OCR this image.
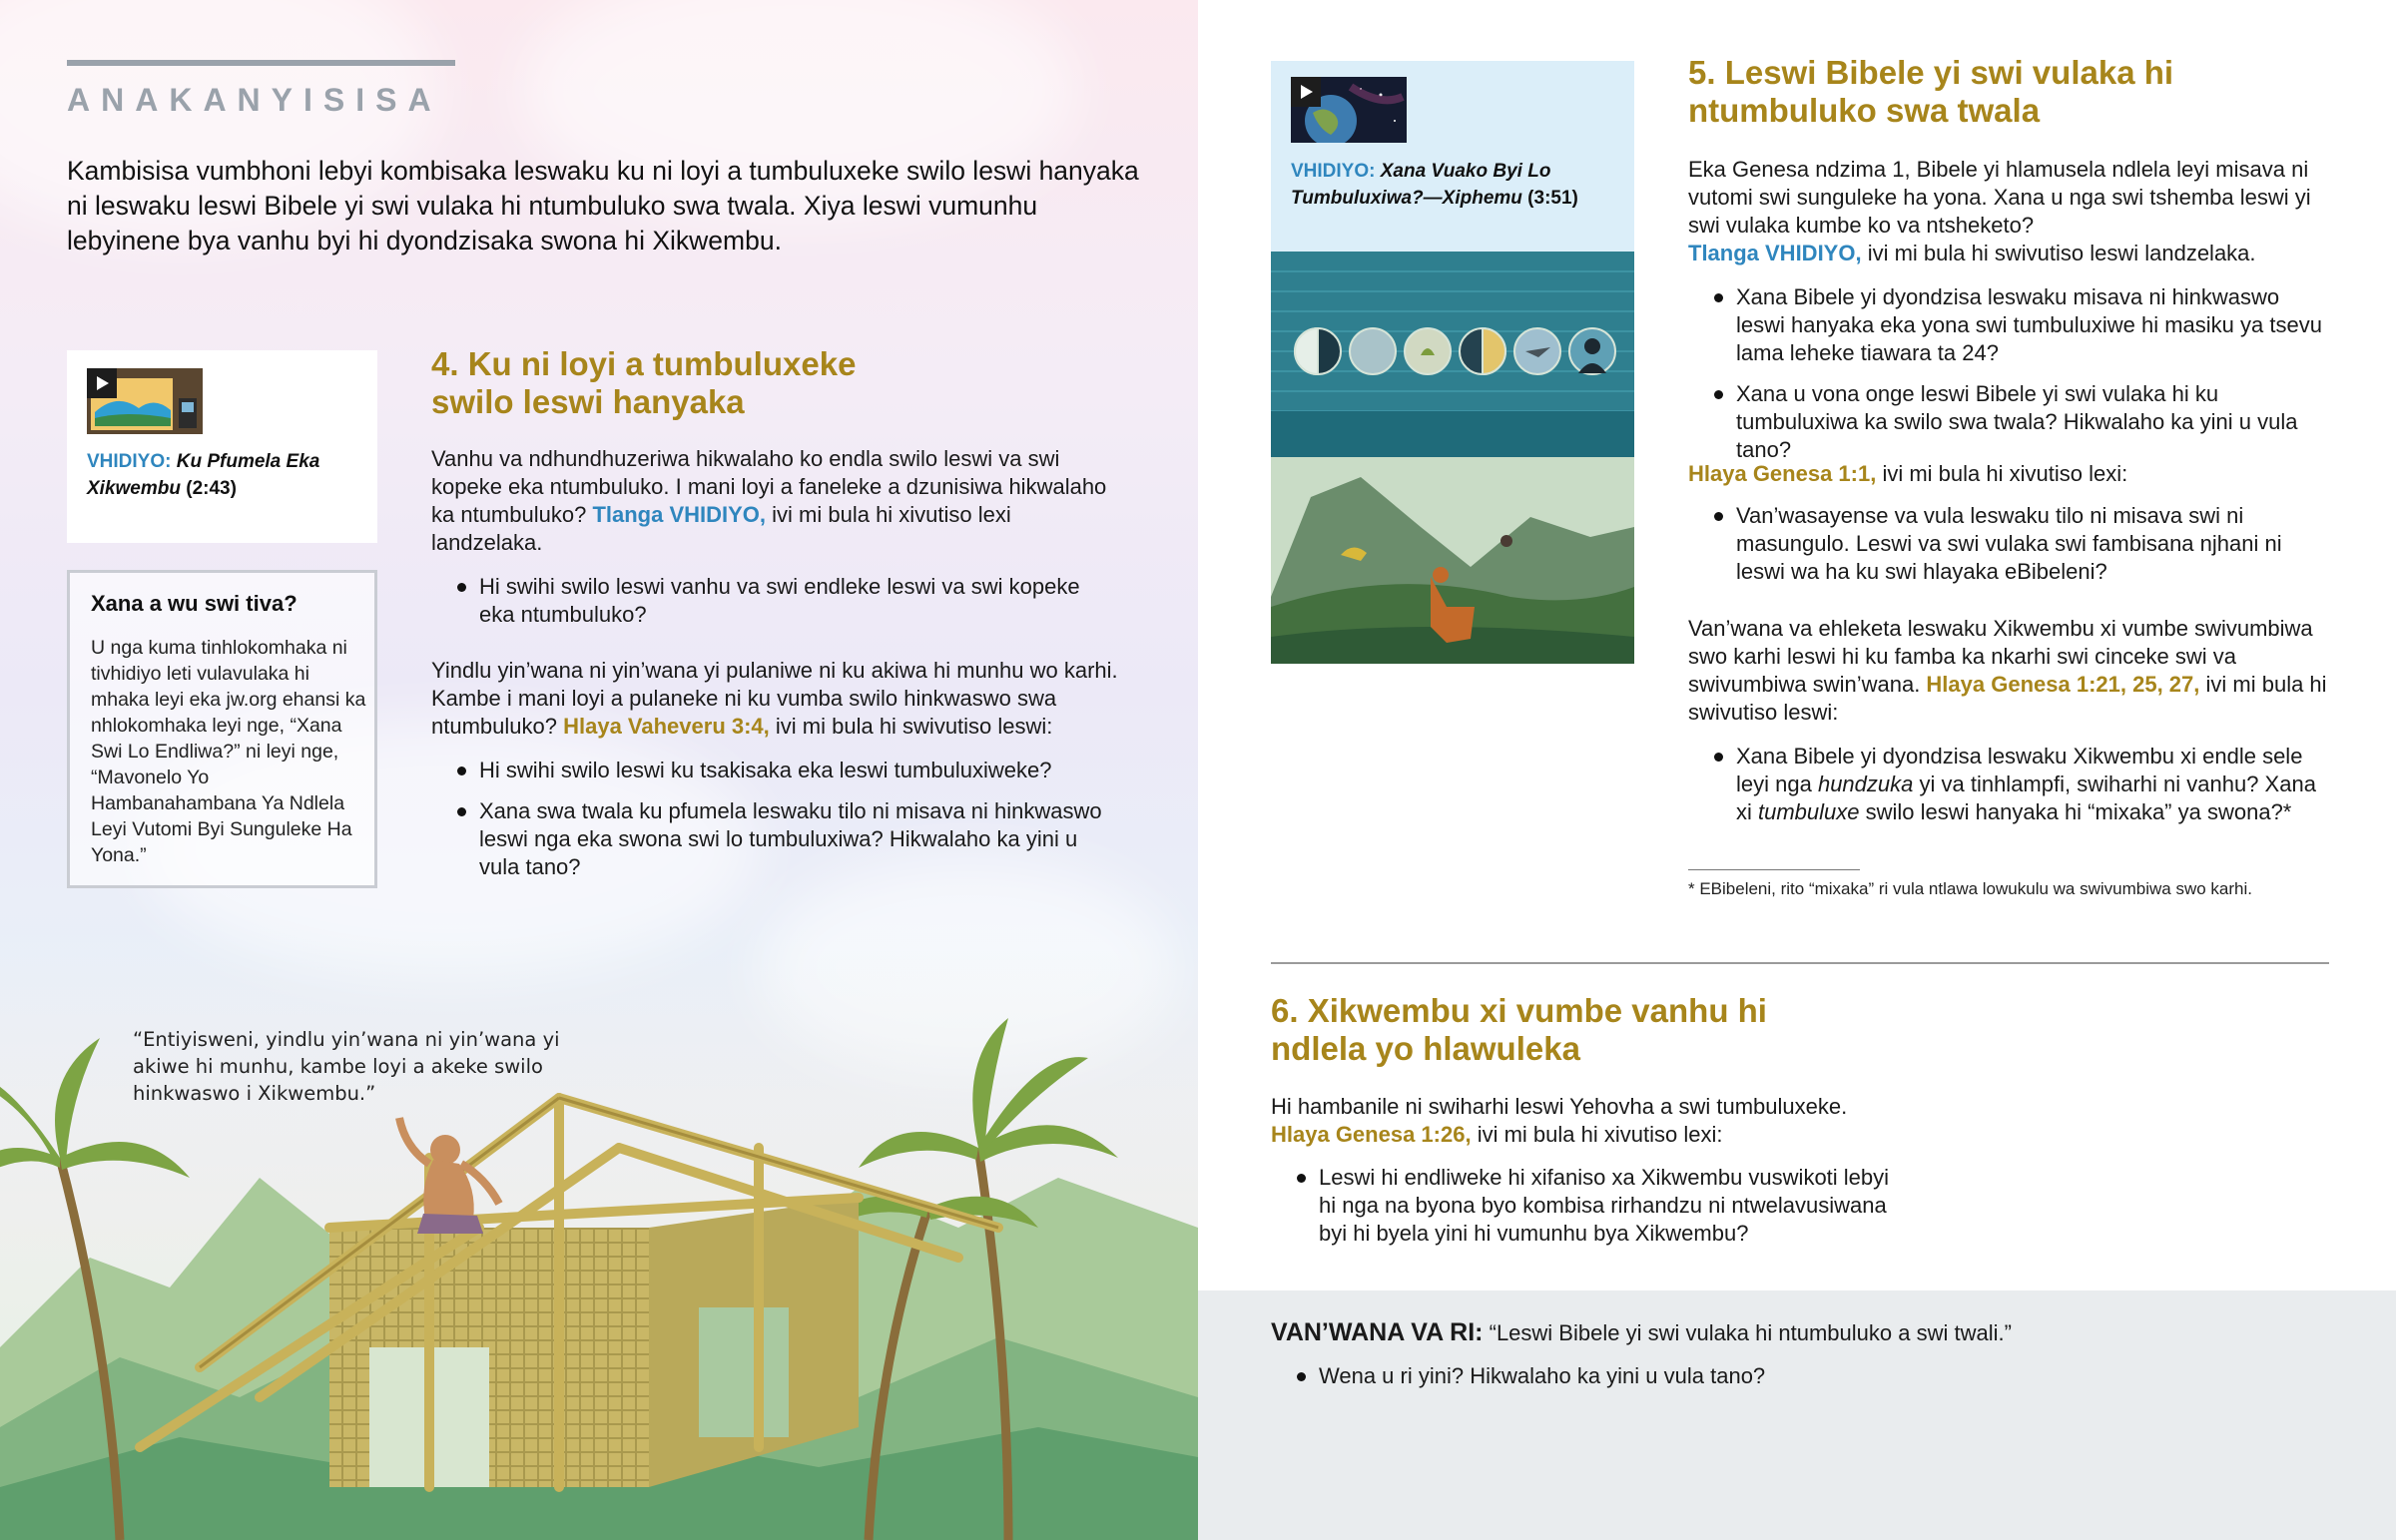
ANAKANYISISA

Kambisisa vumbhoni lebyi kombisaka leswaku ku ni loyi a tumbuluxeke swilo leswi hanyaka ni leswaku leswi Bibele yi swi vulaka hi ntumbuluko swa twala. Xiya leswi vumunhu lebyinene bya vanhu byi hi dyondzisaka swona hi Xikwembu.

VHIDIYO: Ku Pfumela Eka Xikwembu (2:43)
Xana a wu swi tiva?

U nga kuma tinhlokomhaka ni tivhidiyo leti vulavulaka hi mhaka leyi eka jw.org ehansi ka nhlokomhaka leyi nge, “Xana Swi Lo Endliwa?” ni leyi nge, “Mavonelo Yo Hambanahambana Ya Ndlela Leyi Vutomi Byi Sunguleke Ha Yona.”

4. Ku ni loyi a tumbuluxeke swilo leswi hanyaka

Vanhu va ndhundhuzeriwa hikwalaho ko endla swilo leswi va swi kopeke eka ntumbuluko. I mani loyi a faneleke a dzunisiwa hikwalaho ka ntumbuluko? Tlanga VHIDIYO, ivi mi bula hi xivutiso lexi landzelaka.

Hi swihi swilo leswi vanhu va swi endleke leswi va swi kopeke eka ntumbuluko?

Yindlu yin’wana ni yin’wana yi pulaniwe ni ku akiwa hi munhu wo karhi. Kambe i mani loyi a pulaneke ni ku vumba swilo hinkwaswo swa ntumbuluko? Hlaya Vaheveru 3:4, ivi mi bula hi swivutiso leswi:

Hi swihi swilo leswi ku tsakisaka eka leswi tumbuluxiweke?
Xana swa twala ku pfumela leswaku tilo ni misava ni hinkwaswo leswi nga eka swona swi lo tumbuluxiwa? Hikwalaho ka yini u vula tano?

“Entiyisweni, yindlu yin’wana ni yin’wana yi akiwe hi munhu, kambe loyi a akeke swilo hinkwaswo i Xikwembu.”

VHIDIYO: Xana Vuako Byi Lo Tumbuluxiwa?—Xiphemu (3:51)
5. Leswi Bibele yi swi vulaka hi ntumbuluko swa twala

Eka Genesa ndzima 1, Bibele yi hlamusela ndlela leyi misava ni vutomi swi sunguleke ha yona. Xana u nga swi tshemba leswi yi swi vulaka kumbe ko va ntsheketo?
Tlanga VHIDIYO, ivi mi bula hi swivutiso leswi landzelaka.

Xana Bibele yi dyondzisa leswaku misava ni hinkwaswo leswi hanyaka eka yona swi tumbuluxiwe hi masiku ya tsevu lama leheke tiawara ta 24?
Xana u vona onge leswi Bibele yi swi vulaka hi ku tumbuluxiwa ka swilo swa twala? Hikwalaho ka yini u vula tano?

Hlaya Genesa 1:1, ivi mi bula hi xivutiso lexi:

Van’wasayense va vula leswaku tilo ni misava swi ni masungulo. Leswi va swi vulaka swi fambisana njhani ni leswi wa ha ku swi hlayaka eBibeleni?

Van’wana va ehleketa leswaku Xikwembu xi vumbe swivumbiwa swo karhi leswi hi ku famba ka nkarhi swi cinceke swi va swivumbiwa swin’wana. Hlaya Genesa 1:21, 25, 27, ivi mi bula hi swivutiso leswi:

Xana Bibele yi dyondzisa leswaku Xikwembu xi endle sele leyi nga hundzuka yi va tinhlampfi, swiharhi ni vanhu? Xana xi tumbuluxe swilo leswi hanyaka hi “mixaka” ya swona?*

* EBibeleni, rito “mixaka” ri vula ntlawa lowukulu wa swivumbiwa swo karhi.

6. Xikwembu xi vumbe vanhu hi ndlela yo hlawuleka

Hi hambanile ni swiharhi leswi Yehovha a swi tumbuluxeke.
Hlaya Genesa 1:26, ivi mi bula hi xivutiso lexi:

Leswi hi endliweke hi xifaniso xa Xikwembu vuswikoti lebyi hi nga na byona byo kombisa rirhandzu ni ntwelavusiwana byi hi byela yini hi vumunhu bya Xikwembu?

VAN’WANA VA RI: “Leswi Bibele yi swi vulaka hi ntumbuluko a swi twali.”

Wena u ri yini? Hikwalaho ka yini u vula tano?
